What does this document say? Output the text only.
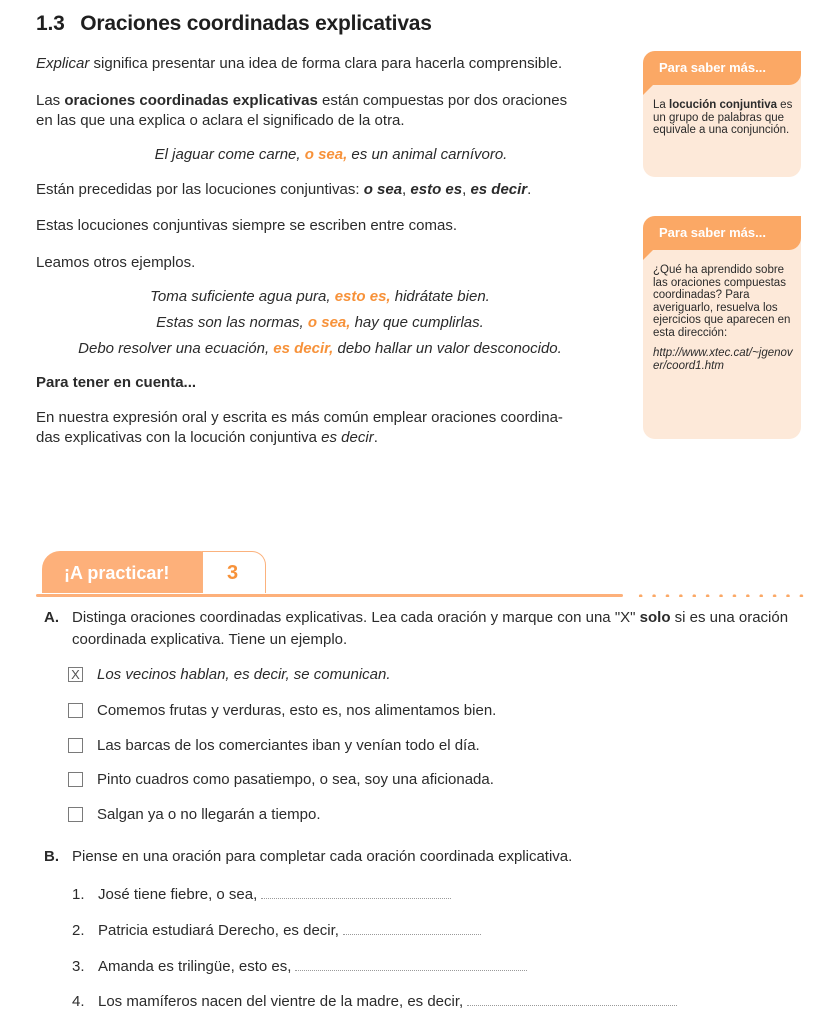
1.3 Oraciones coordinadas explicativas
Explicar significa presentar una idea de forma clara para hacerla comprensible.
Las oraciones coordinadas explicativas están compuestas por dos oraciones
en las que una explica o aclara el significado de la otra.
El jaguar come carne, o sea, es un animal carnívoro.
Están precedidas por las locuciones conjuntivas: o sea, esto es, es decir.
Estas locuciones conjuntivas siempre se escriben entre comas.
Leamos otros ejemplos.
Toma suficiente agua pura, esto es, hidrátate bien.
Estas son las normas, o sea, hay que cumplirlas.
Debo resolver una ecuación, es decir, debo hallar un valor desconocido.
Para tener en cuenta...
En nuestra expresión oral y escrita es más común emplear oraciones coordina-
das explicativas con la locución conjuntiva es decir.
Para saber más...
La locución conjuntiva es un grupo de palabras que equivale a una conjunción.
Para saber más...

¿Qué ha aprendido sobre las oraciones compuestas coordinadas? Para averiguarlo, resuelva los ejercicios que aparecen en esta dirección:

http://www.xtec.cat/~jgenover/coord1.htm

¡A practicar!	3
A. Distinga oraciones coordinadas explicativas. Lea cada oración y marque con una "X" solo si es una oración coordinada explicativa. Tiene un ejemplo.
X Los vecinos hablan, es decir, se comunican.
Comemos frutas y verduras, esto es, nos alimentamos bien.
Las barcas de los comerciantes iban y venían todo el día.
Pinto cuadros como pasatiempo, o sea, soy una aficionada.
Salgan ya o no llegarán a tiempo.
B. Piense en una oración para completar cada oración coordinada explicativa.
1. José tiene fiebre, o sea,
2. Patricia estudiará Derecho, es decir,
3. Amanda es trilingüe, esto es,
4. Los mamíferos nacen del vientre de la madre, es decir,
